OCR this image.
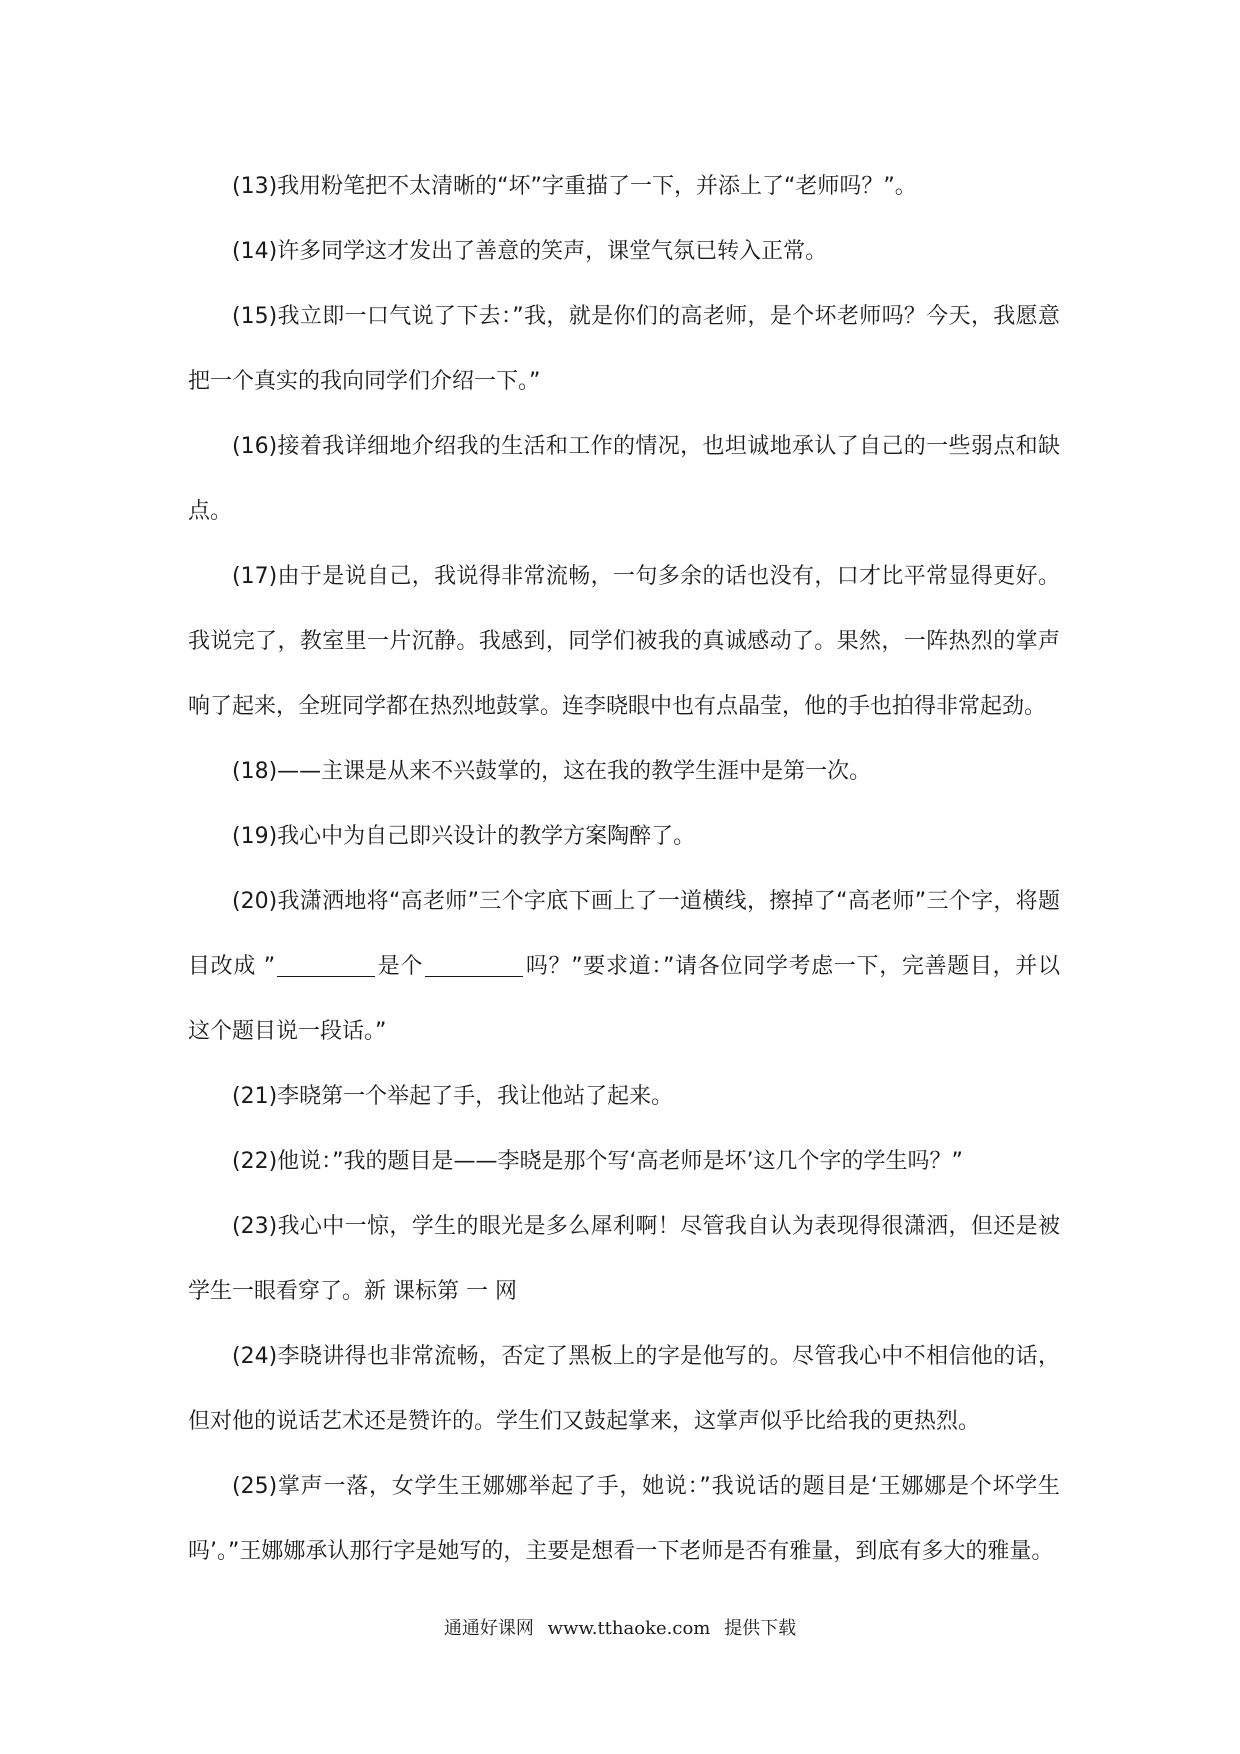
(13)我用粉笔把不太清晰的“坏”字重描了一下，并添上了“老师吗？”。

(14)许多同学这才发出了善意的笑声，课堂气氛已转入正常。

(15)我立即一口气说了下去：”我，就是你们的高老师，是个坏老师吗？今天，我愿意把一个真实的我向同学们介绍一下。”

(16)接着我详细地介绍我的生活和工作的情况，也坦诚地承认了自己的一些弱点和缺点。

(17)由于是说自己，我说得非常流畅，一句多余的话也没有，口才比平常显得更好。我说完了，教室里一片沉静。我感到，同学们被我的真诚感动了。果然，一阵热烈的掌声响了起来，全班同学都在热烈地鼓掌。连李晓眼中也有点晶莹，他的手也拍得非常起劲。

(18)——主课是从来不兴鼓掌的，这在我的教学生涯中是第一次。

(19)我心中为自己即兴设计的教学方案陶醉了。

(20)我潇洒地将“高老师”三个字底下画上了一道横线，擦掉了“高老师”三个字，将题目改成 ”	是个	吗？”要求道：”请各位同学考虑一下，完善题目，并以这个题目说一段话。”

(21)李晓第一个举起了手，我让他站了起来。

(22)他说：”我的题目是——李晓是那个写‘高老师是坏’这几个字的学生吗？”

(23)我心中一惊，学生的眼光是多么犀利啊！尽管我自认为表现得很潇洒，但还是被学生一眼看穿了。新 课标第 一 网

(24)李晓讲得也非常流畅，否定了黑板上的字是他写的。尽管我心中不相信他的话，但对他的说话艺术还是赞许的。学生们又鼓起掌来，这掌声似乎比给我的更热烈。

(25)掌声一落，女学生王娜娜举起了手，她说：”我说话的题目是‘王娜娜是个坏学生吗’。”王娜娜承认那行字是她写的，主要是想看一下老师是否有雅量，到底有多大的雅量。

通通好课网 www.tthaoke.com 提供下载
